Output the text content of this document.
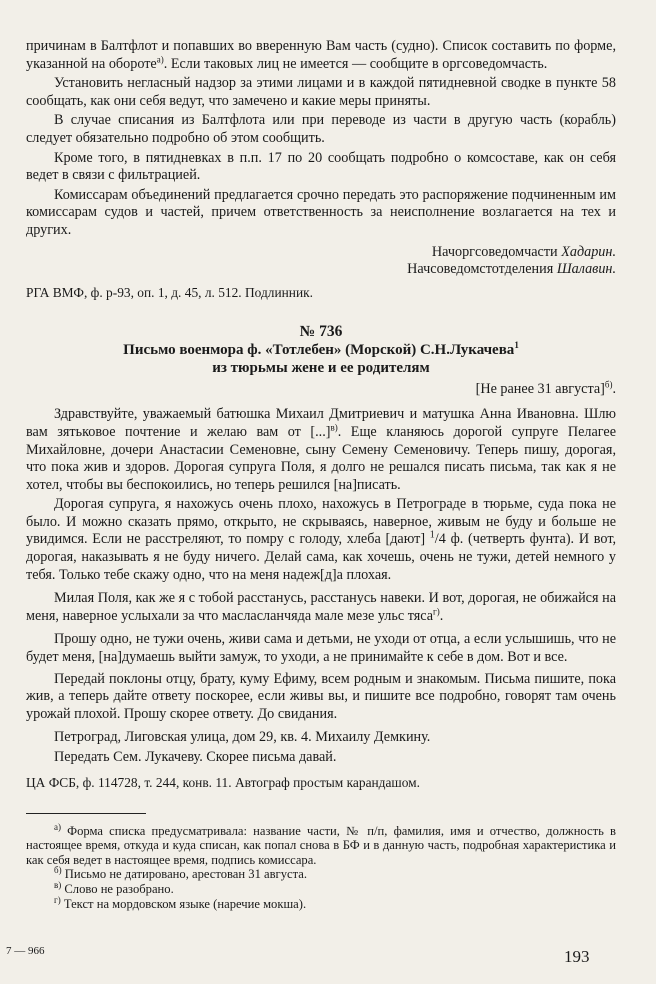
причинам в Балтфлот и попавших во вверенную Вам часть (судно). Список составить по форме, указанной на обороте$^{а)}$. Если таковых лиц не имеется — сообщите в оргсоведомчасть.

Установить негласный надзор за этими лицами и в каждой пятидневной сводке в пункте 58 сообщать, как они себя ведут, что замечено и какие меры приняты.

В случае списания из Балтфлота или при переводе из части в другую часть (корабль) следует обязательно подробно об этом сообщить.

Кроме того, в пятидневках в п.п. 17 по 20 сообщать подробно о комсоставе, как он себя ведет в связи с фильтрацией.

Комиссарам объединений предлагается срочно передать это распоряжение подчиненным им комиссарам судов и частей, причем ответственность за неисполнение возлагается на тех и других.

Начоргсоведомчасти Хадарин.
Начсоведомстотделения Шалавин.

РГА ВМФ, ф. р-93, оп. 1, д. 45, л. 512. Подлинник.

№ 736
Письмо военмора ф. «Тотлебен» (Морской) С.Н.Лукачева$^1$
из тюрьмы жене и ее родителям
[Не ранее 31 августа]$^{б)}$.

Здравствуйте, уважаемый батюшка Михаил Дмитриевич и матушка Анна Ивановна. Шлю вам зятьковое почтение и желаю вам от [...]$^{в)}$. Еще кланяюсь дорогой супруге Пелагее Михайловне, дочери Анастасии Семеновне, сыну Семену Семеновичу. Теперь пишу, дорогая, что пока жив и здоров. Дорогая супруга Поля, я долго не решался писать письма, так как я не хотел, чтобы вы беспокоились, но теперь решился [на]писать.

Дорогая супруга, я нахожусь очень плохо, нахожусь в Петрограде в тюрьме, суда пока не было. И можно сказать прямо, открыто, не скрываясь, наверное, живым не буду и больше не увидимся. Если не расстреляют, то помру с голоду, хлеба [дают] $^1$/4 ф. (четверть фунта). И вот, дорогая, наказывать я не буду ничего. Делай сама, как хочешь, очень не тужи, детей немного у тебя. Только тебе скажу одно, что на меня надеж[д]а плохая.

Милая Поля, как же я с тобой расстанусь, расстанусь навеки. И вот, дорогая, не обижайся на меня, наверное услыхали за что масласланчяда мале мезе ульс тяса$^{г)}$.

Прошу одно, не тужи очень, живи сама и детьми, не уходи от отца, а если услышишь, что не будет меня, [на]думаешь выйти замуж, то уходи, а не принимайте к себе в дом. Вот и все.

Передай поклоны отцу, брату, куму Ефиму, всем родным и знакомым. Письма пишите, пока жив, а теперь дайте ответу поскорее, если живы вы, и пишите все подробно, говорят там очень урожай плохой. Прошу скорее ответу. До свидания.

Петроград, Лиговская улица, дом 29, кв. 4. Михаилу Демкину.

Передать Сем. Лукачеву. Скорее письма давай.

ЦА ФСБ, ф. 114728, т. 244, конв. 11. Автограф простым карандашом.

$^{а)}$ Форма списка предусматривала: название части, № п/п, фамилия, имя и отчество, должность в настоящее время, откуда и куда списан, как попал снова в БФ и в данную часть, подробная характеристика и как себя ведет в настоящее время, подпись комиссара.

$^{б)}$ Письмо не датировано, арестован 31 августа.

$^{в)}$ Слово не разобрано.

$^{г)}$ Текст на мордовском языке (наречие мокша).

7 — 966	193
